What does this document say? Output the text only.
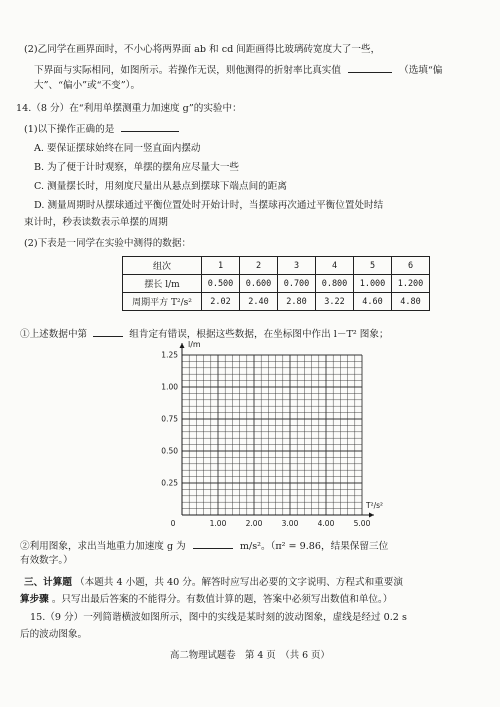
(2)乙同学在画界面时，不小心将两界面 ab 和 cd 间距画得比玻璃砖宽度大了一些，
下界面与实际相同，如图所示。若操作无误，则他测得的折射率比真实值	（选填“偏
大”、“偏小”或“不变”）。
14.（8 分）在“利用单摆测重力加速度 g”的实验中：
(1)以下操作正确的是
A. 要保证摆球始终在同一竖直面内摆动
B. 为了便于计时观察，单摆的摆角应尽量大一些
C. 测量摆长时，用刻度尺量出从悬点到摆球下端点间的距离
D. 测量周期时从摆球通过平衡位置处时开始计时，当摆球再次通过平衡位置处时结
束计时，秒表读数表示单摆的周期
(2)下表是一同学在实验中测得的数据：
组次	1	2	3	4	5	6
摆长 l/m	0.500	0.600	0.700	0.800	1.000	1.200
周期平方 T²/s²	2.02	2.40	2.80	3.22	4.60	4.80
①上述数据中第	组肯定有错误，根据这些数据，在坐标图中作出 l－T² 图象；
1.00	2.00	3.00	4.00	5.00
1.25
1.00
0.75
0.50
0.25
0
l/m
T²/s²
②利用图象，求出当地重力加速度 g 为	m/s²。（π² = 9.86，结果保留三位
有效数字。）
三、计算题 （本题共 4 小题，共 40 分。解答时应写出必要的文字说明、方程式和重要演
算步骤 。只写出最后答案的不能得分。有数值计算的题，答案中必须写出数值和单位。）
15.（9 分）一列简谐横波如图所示，图中的实线是某时刻的波动图象，虚线是经过 0.2 s
后的波动图象。
高二物理试题卷　第 4 页　（共 6 页）
